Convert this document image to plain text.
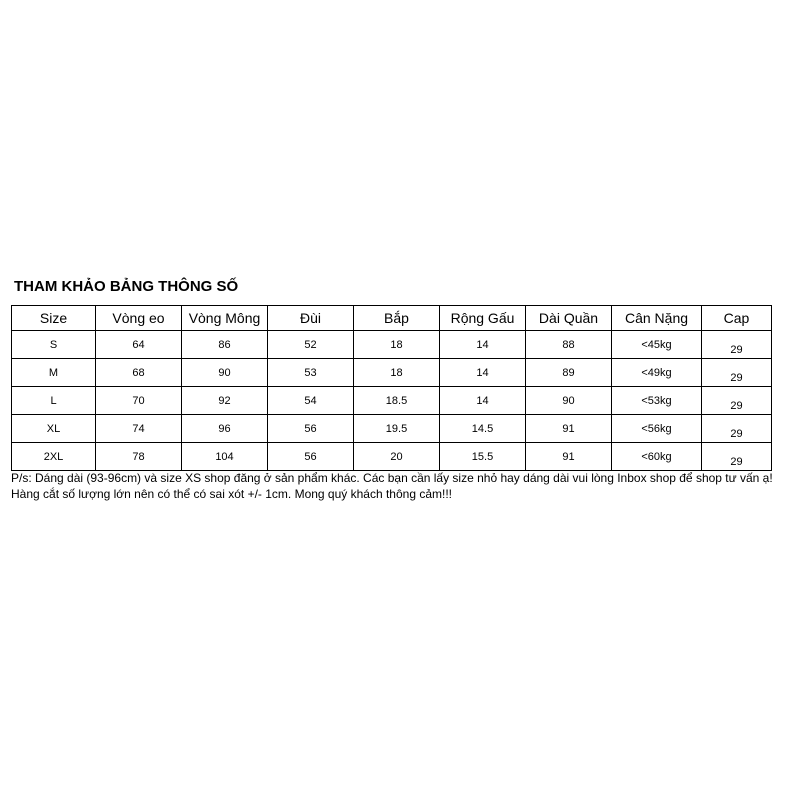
THAM KHẢO BẢNG THÔNG SỐ
Size	Vòng eo	Vòng Mông	Đùi	Bắp	Rộng Gấu	Dài Quần	Cân Nặng	Cap
S	64	86	52	18	14	88	<45kg	29
M	68	90	53	18	14	89	<49kg	29
L	70	92	54	18.5	14	90	<53kg	29
XL	74	96	56	19.5	14.5	91	<56kg	29
2XL	78	104	56	20	15.5	91	<60kg	29

P/s: Dáng dài (93-96cm) và size XS shop đăng ở sản phẩm khác. Các bạn cần lấy size nhỏ hay dáng dài vui lòng Inbox shop để shop tư vấn ạ!

Hàng cắt số lượng lớn nên có thể có sai xót +/- 1cm. Mong quý khách thông cảm!!!
